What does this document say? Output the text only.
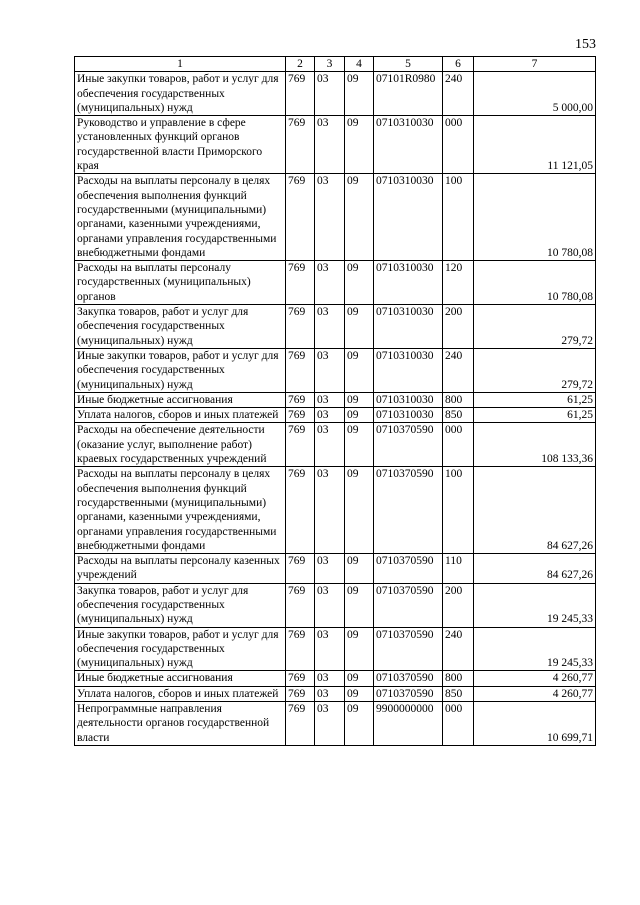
153
1	2	3	4	5	6	7
Иные закупки товаров, работ и услуг для обеспечения государственных (муниципальных) нужд	769	03	09	07101R0980	240	5 000,00
Руководство и управление в сфере установленных функций органов государственной власти Приморского края	769	03	09	0710310030	000	11 121,05
Расходы на выплаты персоналу в целях обеспечения выполнения функций государственными (муниципальными) органами, казенными учреждениями, органами управления государственными внебюджетными фондами	769	03	09	0710310030	100	10 780,08
Расходы на выплаты персоналу государственных (муниципальных) органов	769	03	09	0710310030	120	10 780,08
Закупка товаров, работ и услуг для обеспечения государственных (муниципальных) нужд	769	03	09	0710310030	200	279,72
Иные закупки товаров, работ и услуг для обеспечения государственных (муниципальных) нужд	769	03	09	0710310030	240	279,72
Иные бюджетные ассигнования	769	03	09	0710310030	800	61,25
Уплата налогов, сборов и иных платежей	769	03	09	0710310030	850	61,25
Расходы на обеспечение деятельности (оказание услуг, выполнение работ) краевых государственных учреждений	769	03	09	0710370590	000	108 133,36
Расходы на выплаты персоналу в целях обеспечения выполнения функций государственными (муниципальными) органами, казенными учреждениями, органами управления государственными внебюджетными фондами	769	03	09	0710370590	100	84 627,26
Расходы на выплаты персоналу казенных учреждений	769	03	09	0710370590	110	84 627,26
Закупка товаров, работ и услуг для обеспечения государственных (муниципальных) нужд	769	03	09	0710370590	200	19 245,33
Иные закупки товаров, работ и услуг для обеспечения государственных (муниципальных) нужд	769	03	09	0710370590	240	19 245,33
Иные бюджетные ассигнования	769	03	09	0710370590	800	4 260,77
Уплата налогов, сборов и иных платежей	769	03	09	0710370590	850	4 260,77
Непрограммные направления деятельности органов государственной власти	769	03	09	9900000000	000	10 699,71
